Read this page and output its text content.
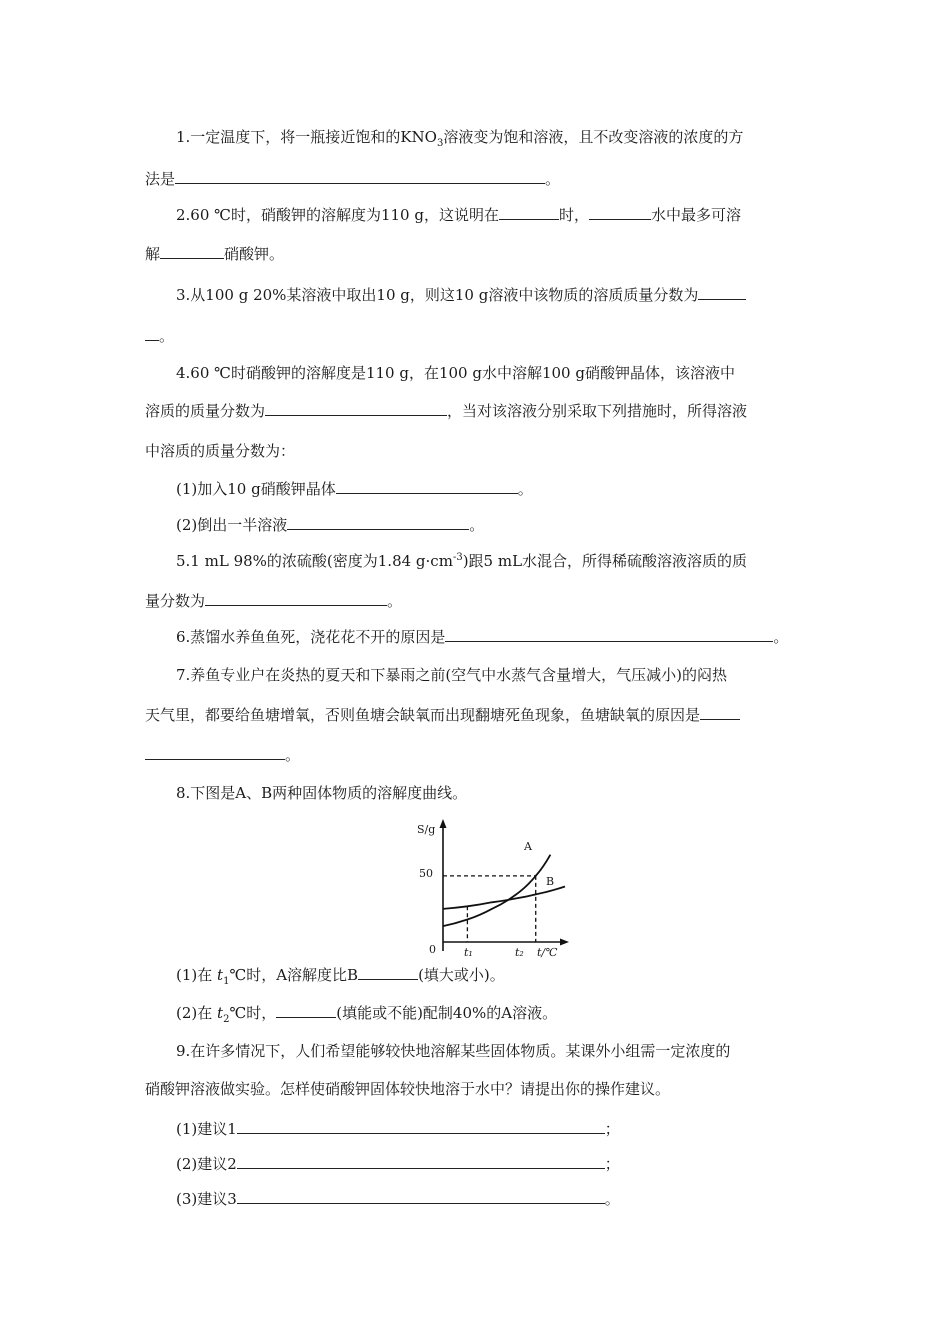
1.一定温度下，将一瓶接近饱和的$KNO_3$溶液变为饱和溶液，且不改变溶液的浓度的方
法是	。
2.60 ℃时，硝酸钾的溶解度为110 g，这说明在	时，	水中最多可溶
解	硝酸钾。
3.从100 g 20%某溶液中取出10 g，则这10 g溶液中该物质的溶质质量分数为
。
4.60 ℃时硝酸钾的溶解度是110 g，在100 g水中溶解100 g硝酸钾晶体，该溶液中
溶质的质量分数为	，当对该溶液分别采取下列措施时，所得溶液
中溶质的质量分数为：
(1)加入10 g硝酸钾晶体	。
(2)倒出一半溶液	。
5.1 mL 98%的浓硫酸(密度为1.84 $g\cdot cm^{-3}$)跟5 mL水混合，所得稀硫酸溶液溶质的质
量分数为	。
6.蒸馏水养鱼鱼死，浇花花不开的原因是	。
7.养鱼专业户在炎热的夏天和下暴雨之前(空气中水蒸气含量增大，气压减小)的闷热
天气里，都要给鱼塘增氧，否则鱼塘会缺氧而出现翻塘死鱼现象，鱼塘缺氧的原因是
。
8.下图是A、B两种固体物质的溶解度曲线。
S/g
50
0	t₁	t₂ t/℃
A
B
(1)在 $t_1℃$时，A溶解度比B	(填大或小)。
(2)在 $t_2℃$时，	(填能或不能)配制40%的A溶液。
9.在许多情况下，人们希望能够较快地溶解某些固体物质。某课外小组需一定浓度的
硝酸钾溶液做实验。怎样使硝酸钾固体较快地溶于水中？请提出你的操作建议。
(1)建议1	；
(2)建议2	；
(3)建议3	。
